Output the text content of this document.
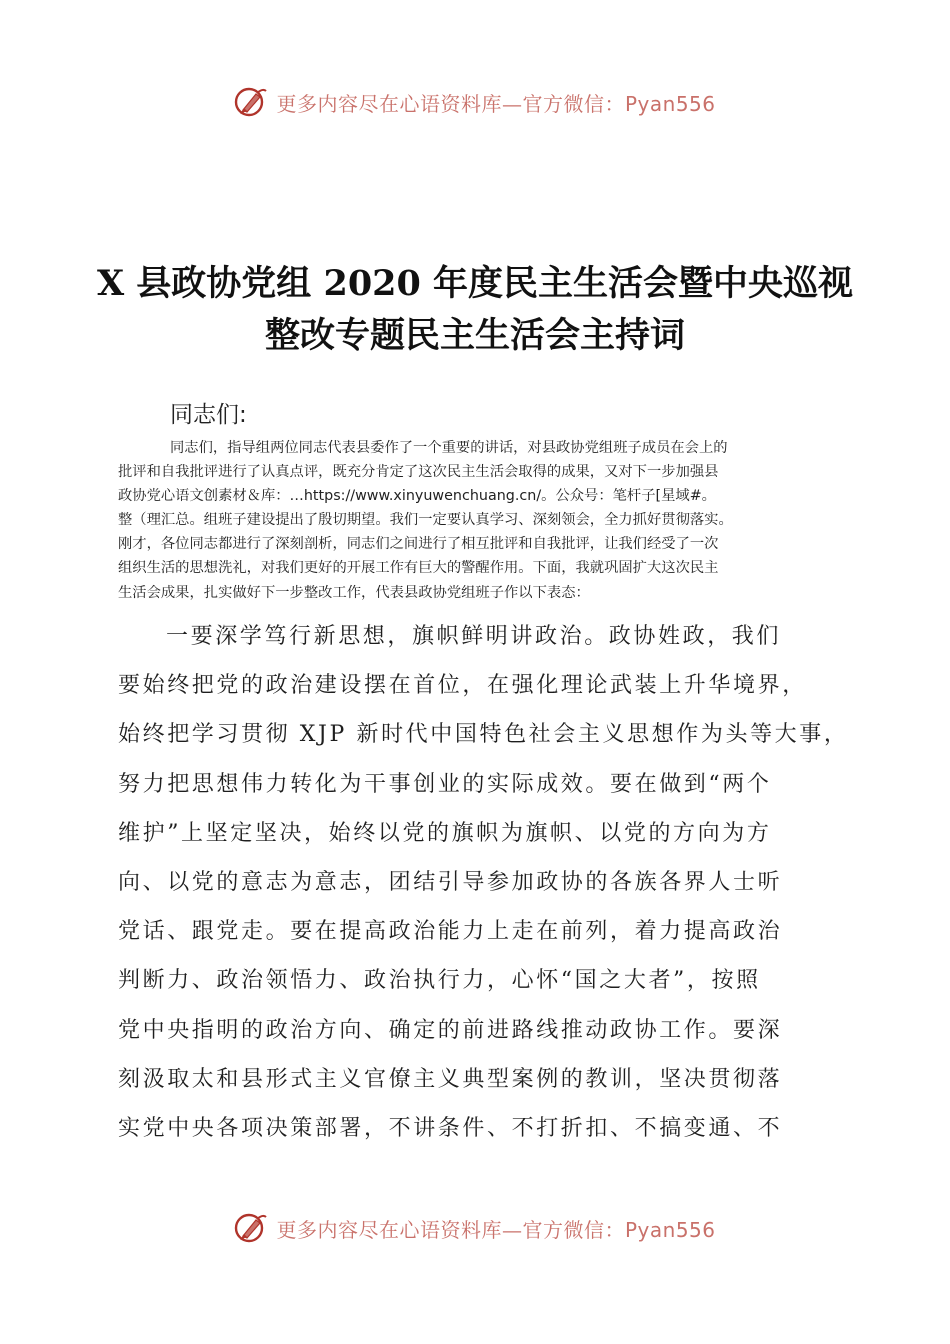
更多内容尽在心语资料库—官方微信：Pyan556
X 县政协党组 2020 年度民主生活会暨中央巡视
整改专题民主生活会主持词
同志们:
同志们，指导组两位同志代表县委作了一个重要的讲话，对县政协党组班子成员在会上的
批评和自我批评进行了认真点评，既充分肯定了这次民主生活会取得的成果，又对下一步加强县
政协党心语文创素材＆库：…https://www.xinyuwenchuang.cn/。公众号：笔杆子[星域#。
整（理汇总。组班子建设提出了殷切期望。我们一定要认真学习、深刻领会，全力抓好贯彻落实。
刚才，各位同志都进行了深刻剖析，同志们之间进行了相互批评和自我批评，让我们经受了一次
组织生活的思想洗礼，对我们更好的开展工作有巨大的警醒作用。下面，我就巩固扩大这次民主
生活会成果，扎实做好下一步整改工作，代表县政协党组班子作以下表态：
一要深学笃行新思想，旗帜鲜明讲政治。政协姓政，我们
要始终把党的政治建设摆在首位，在强化理论武装上升华境界，
始终把学习贯彻 XJP 新时代中国特色社会主义思想作为头等大事，
努力把思想伟力转化为干事创业的实际成效。要在做到“两个
维护”上坚定坚决，始终以党的旗帜为旗帜、以党的方向为方
向、以党的意志为意志，团结引导参加政协的各族各界人士听
党话、跟党走。要在提高政治能力上走在前列，着力提高政治
判断力、政治领悟力、政治执行力，心怀“国之大者”，按照
党中央指明的政治方向、确定的前进路线推动政协工作。要深
刻汲取太和县形式主义官僚主义典型案例的教训，坚决贯彻落
实党中央各项决策部署，不讲条件、不打折扣、不搞变通、不
更多内容尽在心语资料库—官方微信：Pyan556
